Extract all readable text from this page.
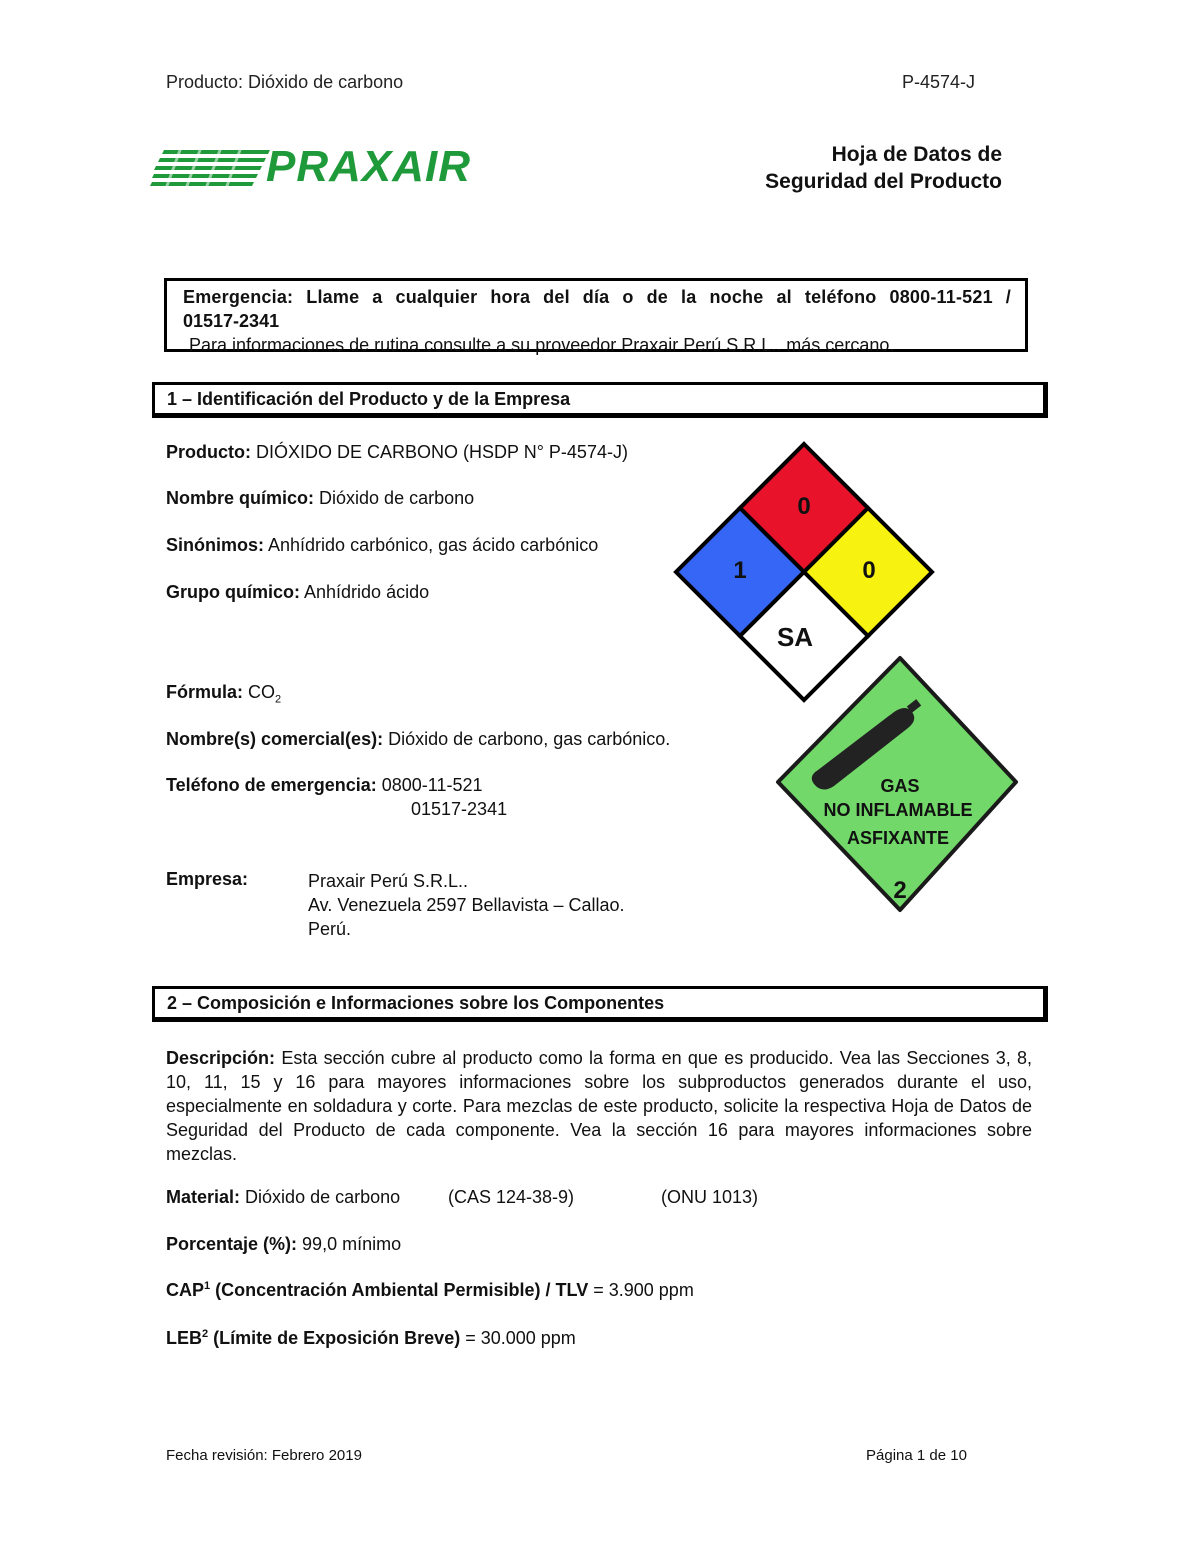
Producto: Dióxido de carbono	P-4574-J
PRAXAIR	Hoja de Datos de
Seguridad del Producto
Emergencia: Llame a cualquier hora del día o de la noche al teléfono 0800-11-521 /
01517-2341
Para informaciones de rutina consulte a su proveedor Praxair Perú S.R.L.. más cercano.
1 – Identificación del Producto y de la Empresa
Producto: DIÓXIDO DE CARBONO (HSDP N° P-4574-J)
Nombre químico: Dióxido de carbono
Sinónimos: Anhídrido carbónico, gas ácido carbónico
Grupo químico: Anhídrido ácido
Fórmula: $CO_2$
Nombre(s) comercial(es): Dióxido de carbono, gas carbónico.
Teléfono de emergencia: 0800-11-521
01517-2341
Empresa:	Praxair Perú S.R.L..
Av. Venezuela 2597 Bellavista – Callao.
Perú.
0
1	0
SA
GAS
NO INFLAMABLE
ASFIXANTE
2
2 – Composición e Informaciones sobre los Componentes
Descripción: Esta sección cubre al producto como la forma en que es producido. Vea las Secciones 3, 8, 10, 11, 15 y 16 para mayores informaciones sobre los subproductos generados durante el uso, especialmente en soldadura y corte. Para mezclas de este producto, solicite la respectiva Hoja de Datos de Seguridad del Producto de cada componente. Vea la sección 16 para mayores informaciones sobre mezclas.
Material: Dióxido de carbono	(CAS 124-38-9)	(ONU 1013)
Porcentaje (%): 99,0 mínimo
CAP$^1$ (Concentración Ambiental Permisible) / TLV = 3.900 ppm
LEB$^2$ (Límite de Exposición Breve) = 30.000 ppm
Fecha revisión: Febrero 2019	Página 1 de 10
